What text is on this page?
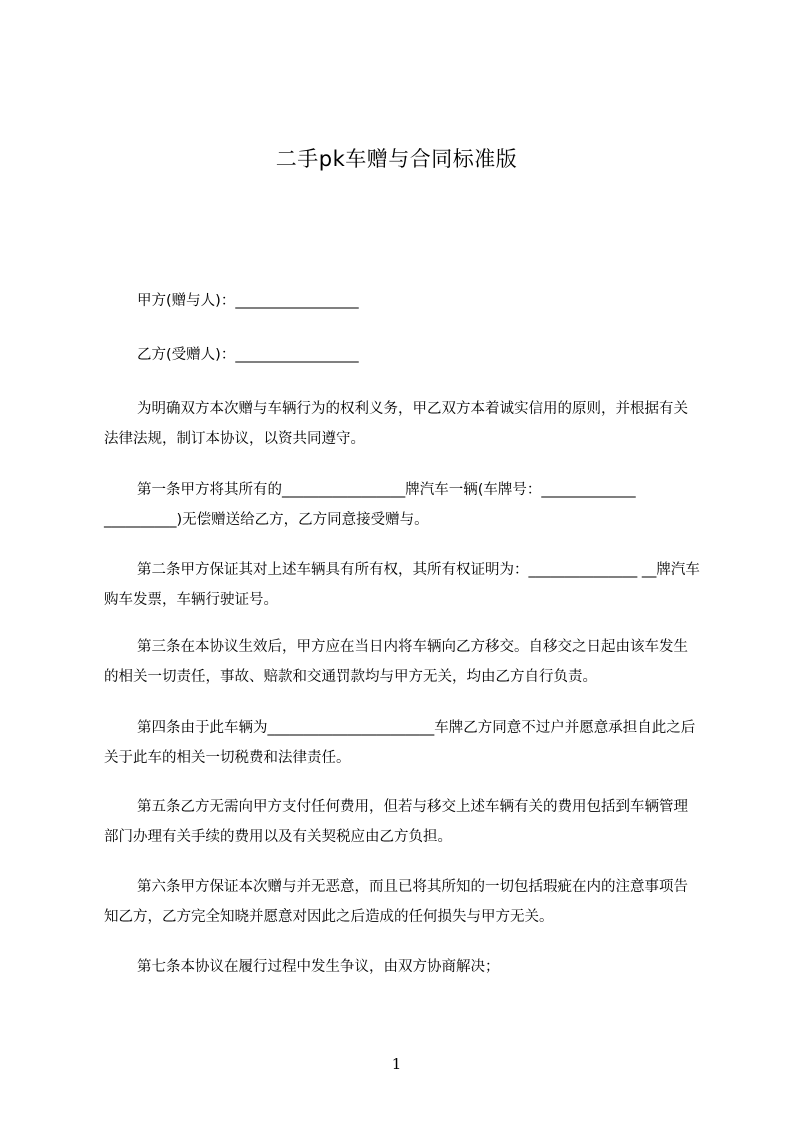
二手pk车赠与合同标准版
甲方(赠与人)：_________________
乙方(受赠人)：_________________
为明确双方本次赠与车辆行为的权利义务，甲乙双方本着诚实信用的原则，并根据有关法律法规，制订本协议，以资共同遵守。
第一条甲方将其所有的_________________牌汽车一辆(车牌号：_____________ __________)无偿赠送给乙方，乙方同意接受赠与。
第二条甲方保证其对上述车辆具有所有权，其所有权证明为：_______________ __牌汽车购车发票，车辆行驶证号。
第三条在本协议生效后，甲方应在当日内将车辆向乙方移交。自移交之日起由该车发生的相关一切责任，事故、赔款和交通罚款均与甲方无关，均由乙方自行负责。
第四条由于此车辆为_______________________车牌乙方同意不过户并愿意承担自此之后关于此车的相关一切税费和法律责任。
第五条乙方无需向甲方支付任何费用，但若与移交上述车辆有关的费用包括到车辆管理部门办理有关手续的费用以及有关契税应由乙方负担。
第六条甲方保证本次赠与并无恶意，而且已将其所知的一切包括瑕疵在内的注意事项告知乙方，乙方完全知晓并愿意对因此之后造成的任何损失与甲方无关。
第七条本协议在履行过程中发生争议，由双方协商解决；
1
